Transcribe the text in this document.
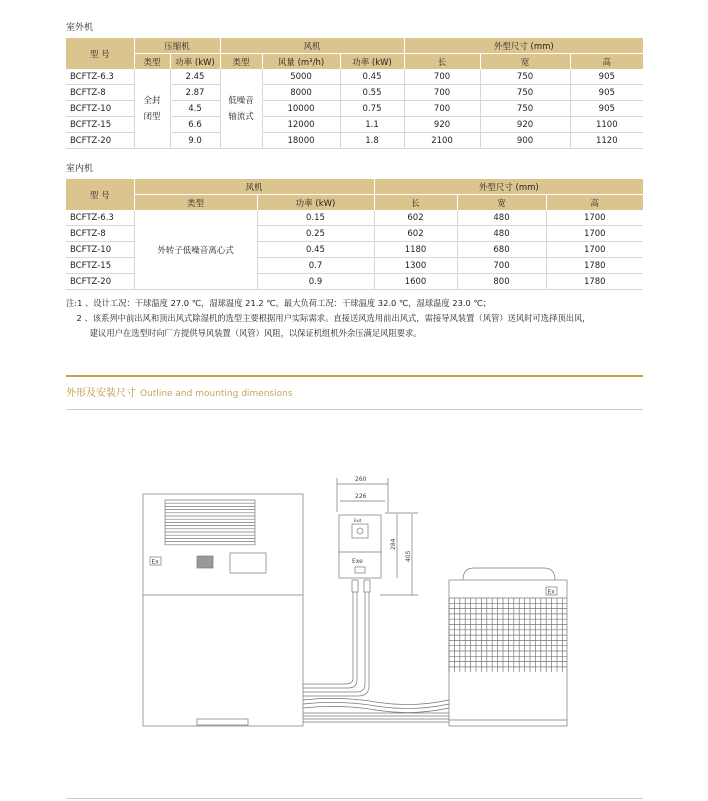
室外机
型 号	压缩机		风机			外型尺寸 (mm)		
	类型	功率 (kW)	类型	风量 (m³/h)	功率 (kW)	长	宽	高
BCFTZ-6.3	全封闭型	2.45	低噪音轴流式	5000	0.45	700	750	905
BCFTZ-8		2.87		8000	0.55	700	750	905
BCFTZ-10		4.5		10000	0.75	700	750	905
BCFTZ-15		6.6		12000	1.1	920	920	1100
BCFTZ-20		9.0		18000	1.8	2100	900	1120
室内机
型 号	风机		外型尺寸 (mm)		
	类型	功率 (kW)	长	宽	高
BCFTZ-6.3	外转子低噪音离心式	0.15	602	480	1700
BCFTZ-8		0.25	602	480	1700
BCFTZ-10		0.45	1180	680	1700
BCFTZ-15		0.7	1300	700	1780
BCFTZ-20		0.9	1600	800	1780
注:1 、设计工况：干球温度 27.0 ℃，湿球温度 21.2 ℃。最大负荷工况：干球温度 32.0 ℃，湿球温度 23.0 ℃；
2 、该系列中前出风和顶出风式除湿机的选型主要根据用户实际需求。直接送风选用前出风式，需接导风装置（风管）送风时可选择顶出风，
建议用户在选型时向厂方提供导风装置（风管）风阻，以保证机组机外余压满足风阻要求。
外形及安装尺寸 Outline and mounting dimensions
Ex
Exd
Exe
260
226
284
405
Ex
